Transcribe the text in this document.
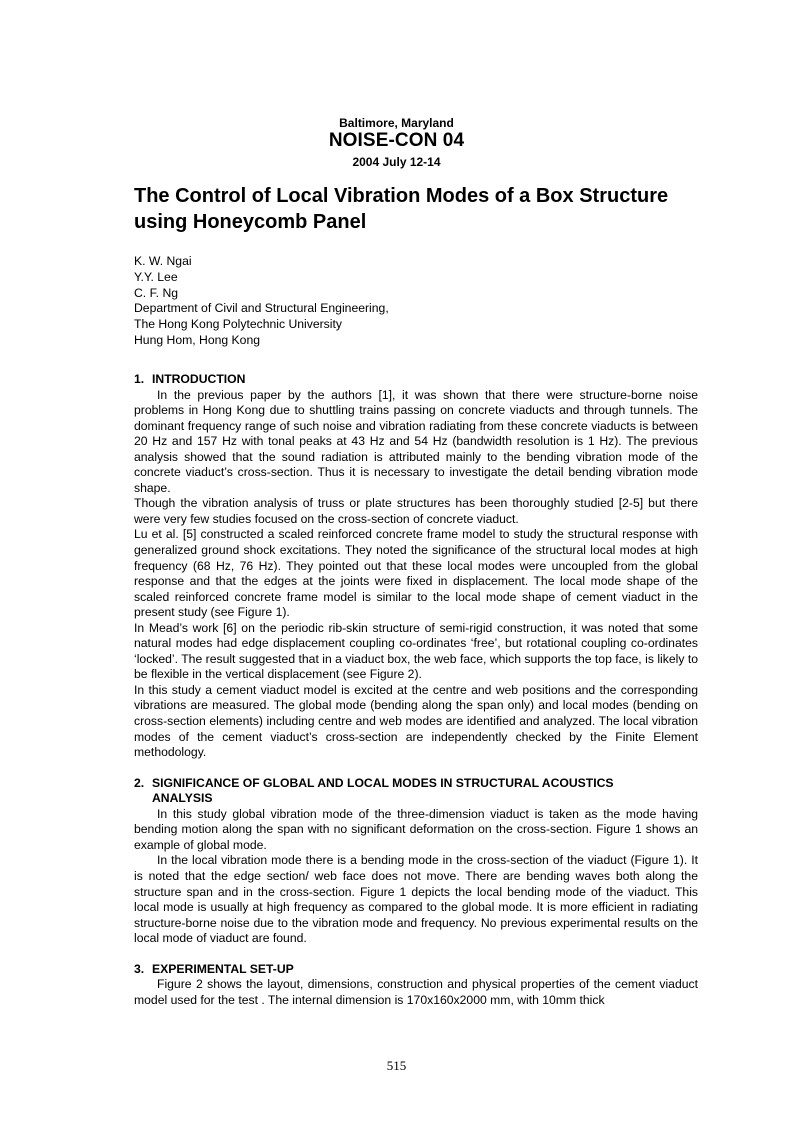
Baltimore, Maryland
NOISE-CON 04
2004 July 12-14
The Control of Local Vibration Modes of a Box Structure using Honeycomb Panel
K. W. Ngai
Y.Y. Lee
C. F. Ng
Department of Civil and Structural Engineering,
The Hong Kong Polytechnic University
Hung Hom, Hong Kong
1. INTRODUCTION

In the previous paper by the authors [1], it was shown that there were structure-borne noise problems in Hong Kong due to shuttling trains passing on concrete viaducts and through tunnels. The dominant frequency range of such noise and vibration radiating from these concrete viaducts is between 20 Hz and 157 Hz with tonal peaks at 43 Hz and 54 Hz (bandwidth resolution is 1 Hz). The previous analysis showed that the sound radiation is attributed mainly to the bending vibration mode of the concrete viaduct’s cross-section. Thus it is necessary to investigate the detail bending vibration mode shape.

Though the vibration analysis of truss or plate structures has been thoroughly studied [2-5] but there were very few studies focused on the cross-section of concrete viaduct.

Lu et al. [5] constructed a scaled reinforced concrete frame model to study the structural response with generalized ground shock excitations. They noted the significance of the structural local modes at high frequency (68 Hz, 76 Hz). They pointed out that these local modes were uncoupled from the global response and that the edges at the joints were fixed in displacement. The local mode shape of the scaled reinforced concrete frame model is similar to the local mode shape of cement viaduct in the present study (see Figure 1).

In Mead’s work [6] on the periodic rib-skin structure of semi-rigid construction, it was noted that some natural modes had edge displacement coupling co-ordinates ‘free’, but rotational coupling co-ordinates ‘locked’. The result suggested that in a viaduct box, the web face, which supports the top face, is likely to be flexible in the vertical displacement (see Figure 2).

In this study a cement viaduct model is excited at the centre and web positions and the corresponding vibrations are measured. The global mode (bending along the span only) and local modes (bending on cross-section elements) including centre and web modes are identified and analyzed. The local vibration modes of the cement viaduct’s cross-section are independently checked by the Finite Element methodology.

2. SIGNIFICANCE OF GLOBAL AND LOCAL MODES IN STRUCTURAL ACOUSTICS
ANALYSIS

In this study global vibration mode of the three-dimension viaduct is taken as the mode having bending motion along the span with no significant deformation on the cross-section. Figure 1 shows an example of global mode.

In the local vibration mode there is a bending mode in the cross-section of the viaduct (Figure 1). It is noted that the edge section/ web face does not move. There are bending waves both along the structure span and in the cross-section. Figure 1 depicts the local bending mode of the viaduct. This local mode is usually at high frequency as compared to the global mode. It is more efficient in radiating structure-borne noise due to the vibration mode and frequency. No previous experimental results on the local mode of viaduct are found.

3. EXPERIMENTAL SET-UP

Figure 2 shows the layout, dimensions, construction and physical properties of the cement viaduct model used for the test . The internal dimension is 170x160x2000 mm, with 10mm thick

515
